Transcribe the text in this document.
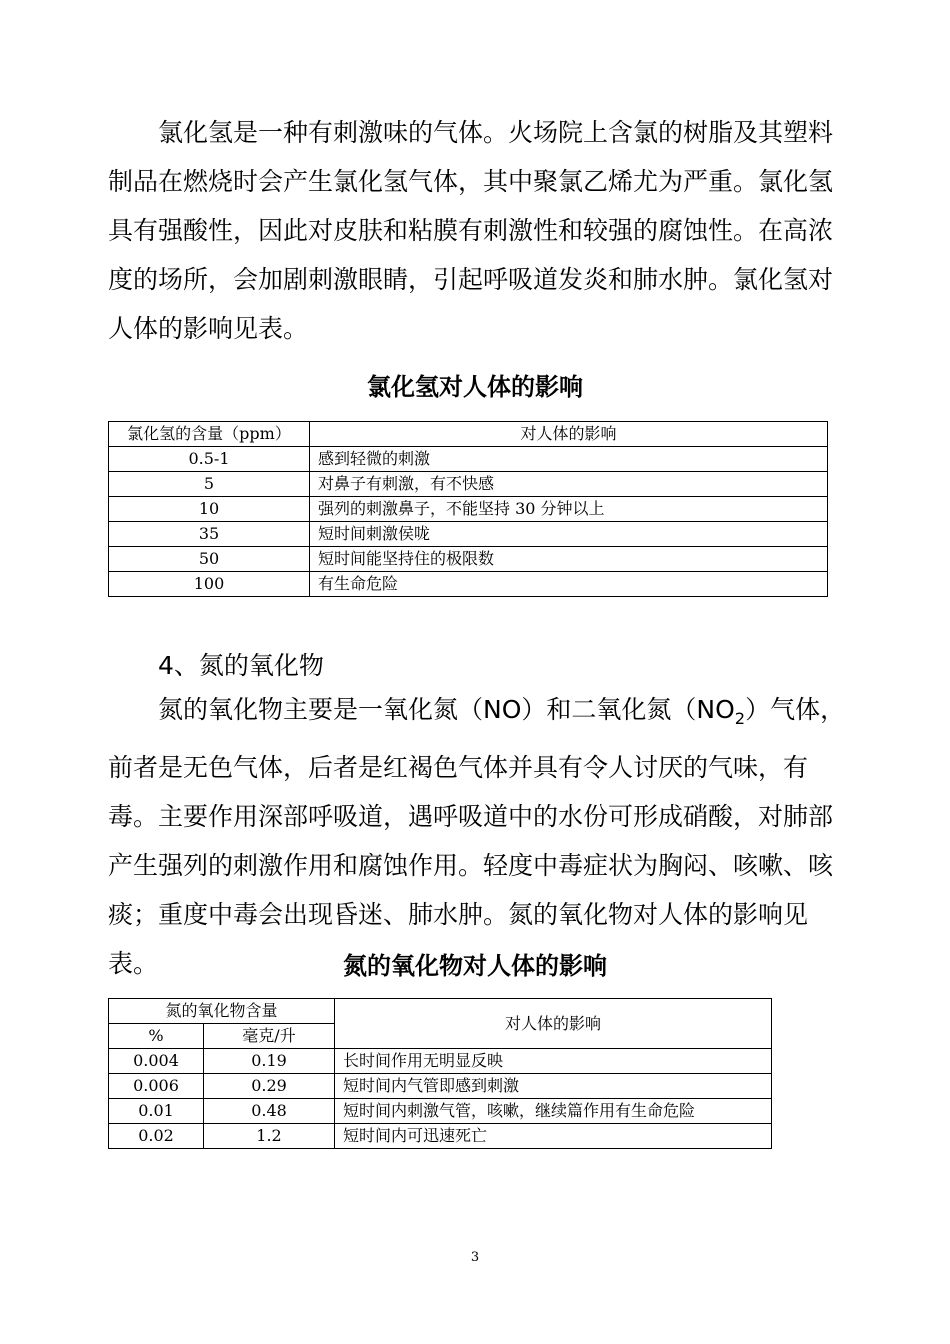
氯化氢是一种有刺激味的气体。火场院上含氯的树脂及其塑料制品在燃烧时会产生氯化氢气体，其中聚氯乙烯尤为严重。氯化氢具有强酸性，因此对皮肤和粘膜有刺激性和较强的腐蚀性。在高浓度的场所，会加剧刺激眼睛，引起呼吸道发炎和肺水肿。氯化氢对人体的影响见表。

氯化氢对人体的影响

氯化氢的含量（ppm）	对人体的影响
0.5-1	感到轻微的刺激
5	对鼻子有刺激，有不快感
10	强列的刺激鼻子，不能坚持 30 分钟以上
35	短时间刺激侯咙
50	短时间能坚持住的极限数
100	有生命危险

4、氮的氧化物

氮的氧化物主要是一氧化氮（NO）和二氧化氮$(NO_2)$气体，前者是无色气体，后者是红褐色气体并具有令人讨厌的气味，有毒。主要作用深部呼吸道，遇呼吸道中的水份可形成硝酸，对肺部产生强列的刺激作用和腐蚀作用。轻度中毒症状为胸闷、咳嗽、咳痰；重度中毒会出现昏迷、肺水肿。氮的氧化物对人体的影响见表。	氮的氧化物对人体的影响

氮的氧化物含量		对人体的影响
%	毫克/升	
0.004	0.19	长时间作用无明显反映
0.006	0.29	短时间内气管即感到刺激
0.01	0.48	短时间内刺激气管，咳嗽，继续篇作用有生命危险
0.02	1.2	短时间内可迅速死亡
3
